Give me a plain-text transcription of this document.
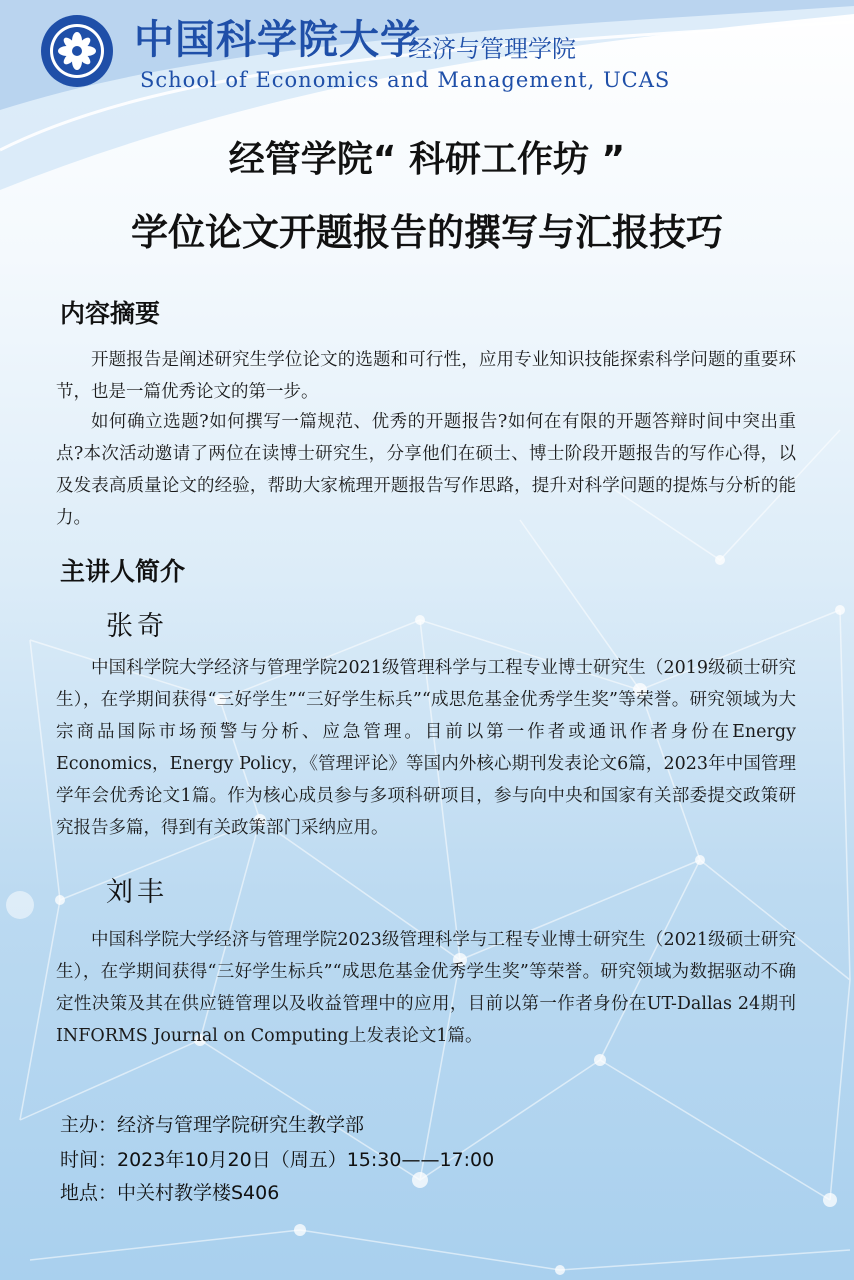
中国科学院大学
经济与管理学院
School of Economics and Management, UCAS
经管学院“ 科研工作坊 ”
学位论文开题报告的撰写与汇报技巧
内容摘要
开题报告是阐述研究生学位论文的选题和可行性，应用专业知识技能探索科学问题的重要环节，也是一篇优秀论文的第一步。
如何确立选题?如何撰写一篇规范、优秀的开题报告?如何在有限的开题答辩时间中突出重点?本次活动邀请了两位在读博士研究生，分享他们在硕士、博士阶段开题报告的写作心得，以及发表高质量论文的经验，帮助大家梳理开题报告写作思路，提升对科学问题的提炼与分析的能力。
主讲人简介
张奇
中国科学院大学经济与管理学院2021级管理科学与工程专业博士研究生（2019级硕士研究生），在学期间获得“三好学生”“三好学生标兵”“成思危基金优秀学生奖”等荣誉。研究领域为大宗商品国际市场预警与分析、应急管理。目前以第一作者或通讯作者身份在Energy Economics，Energy Policy，《管理评论》等国内外核心期刊发表论文6篇，2023年中国管理学年会优秀论文1篇。作为核心成员参与多项科研项目，参与向中央和国家有关部委提交政策研究报告多篇，得到有关政策部门采纳应用。
刘丰
中国科学院大学经济与管理学院2023级管理科学与工程专业博士研究生（2021级硕士研究生），在学期间获得“三好学生标兵”“成思危基金优秀学生奖”等荣誉。研究领域为数据驱动不确定性决策及其在供应链管理以及收益管理中的应用，目前以第一作者身份在UT-Dallas 24期刊INFORMS Journal on Computing上发表论文1篇。
主办：经济与管理学院研究生教学部
时间：2023年10月20日（周五）15:30——17:00
地点：中关村教学楼S406
